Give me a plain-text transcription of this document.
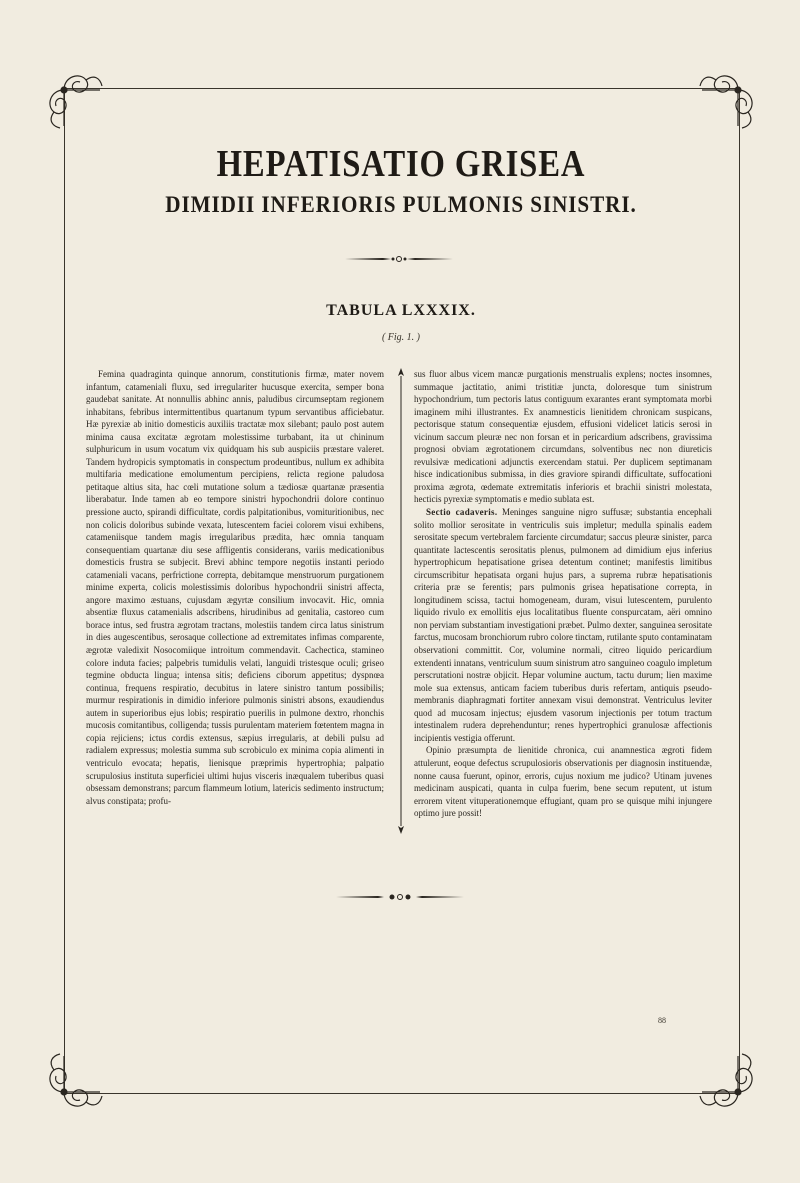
HEPATISATIO GRISEA
DIMIDII INFERIORIS PULMONIS SINISTRI.
TABULA LXXXIX.
( Fig. 1. )

Femina quadraginta quinque annorum, constitutionis firmæ, mater novem infantum, catameniali fluxu, sed irregulariter hucusque exercita, semper bona gaudebat sanitate. At nonnullis abhinc annis, paludibus circumseptam regionem inhabitans, febribus intermittentibus quartanum typum servantibus afficiebatur. Hæ pyrexiæ ab initio domesticis auxiliis tractatæ mox silebant; paulo post autem minima causa excitatæ ægrotam molestissime turbabant, ita ut chininum sulphuricum in usum vocatum vix quidquam his sub auspiciis præstare valeret. Tandem hydropicis symptomatis in conspectum prodeuntibus, nullum ex adhibita multifaria medicatione emolumentum percipiens, relicta regione paludosa petitaque altius sita, hac cœli mutatione solum a tædiosæ quartanæ præsentia liberabatur. Inde tamen ab eo tempore sinistri hypochondrii dolore continuo pressione aucto, spirandi difficultate, cordis palpitationibus, vomituritionibus, nec non colicis doloribus subinde vexata, lutescentem faciei colorem visui exhibens, catameniisque tandem magis irregularibus prædita, hæc omnia tanquam consequentiam quartanæ diu sese affligentis considerans, variis medicationibus domesticis frustra se subjecit. Brevi abhinc tempore negotiis instanti periodo catameniali vacans, perfrictione correpta, debitamque menstruorum purgationem minime experta, colicis molestissimis doloribus hypochondrii sinistri affecta, angore maximo æstuans, cujusdam ægyrtæ consilium invocavit. Hic, omnia absentiæ fluxus catamenialis adscribens, hirudinibus ad genitalia, castoreo cum borace intus, sed frustra ægrotam tractans, molestiis tandem circa latus sinistrum in dies augescentibus, serosaque collectione ad extremitates infimas comparente, ægrotæ valedixit Nosocomiique introitum commendavit. Cachectica, stamineo colore induta facies; palpebris tumidulis velati, languidi tristesque oculi; griseo tegmine obducta lingua; intensa sitis; deficiens ciborum appetitus; dyspnœa continua, frequens respiratio, decubitus in latere sinistro tantum possibilis; murmur respirationis in dimidio inferiore pulmonis sinistri absons, exaudiendus autem in superioribus ejus lobis; respiratio puerilis in pulmone dextro, rhonchis mucosis comitantibus, colligenda; tussis purulentam materiem fœtentem magna in copia rejiciens; ictus cordis extensus, sæpius irregularis, at debili pulsu ad radialem expressus; molestia summa sub scrobiculo ex minima copia alimenti in ventriculo evocata; hepatis, lienisque præprimis hypertrophia; palpatio scrupulosius instituta superficiei ultimi hujus visceris inæqualem tuberibus quasi obsessam demonstrans; parcum flammeum lotium, latericis sedimento instructum; alvus constipata; profu-

sus fluor albus vicem mancæ purgationis menstrualis explens; noctes insomnes, summaque jactitatio, animi tristitiæ juncta, doloresque tum sinistrum hypochondrium, tum pectoris latus contiguum exarantes erant symptomata morbi imaginem mihi illustrantes. Ex anamnesticis lienitidem chronicam suspicans, pectorisque statum consequentiæ ejusdem, effusioni videlicet laticis serosi in vicinum saccum pleuræ nec non forsan et in pericardium adscribens, gravissima prognosi obviam ægrotationem circumdans, solventibus nec non diureticis revulsivæ medicationi adjunctis exercendam statui. Per duplicem septimanam hisce indicationibus submissa, in dies graviore spirandi difficultate, suffocationi proxima ægrota, œdemate extremitatis inferioris et brachii sinistri molestata, hecticis pyrexiæ symptomatis e medio sublata est.

Sectio cadaveris. Meninges sanguine nigro suffusæ; substantia encephali solito mollior serositate in ventriculis suis impletur; medulla spinalis eadem serositate specum vertebralem farciente circumdatur; saccus pleuræ sinister, parca quantitate lactescentis serositatis plenus, pulmonem ad dimidium ejus inferius hypertrophicum hepatisatione grisea detentum continet; manifestis limitibus circumscribitur hepatisata organi hujus pars, a suprema rubræ hepatisationis criteria præ se ferentis; pars pulmonis grisea hepatisatione correpta, in longitudinem scissa, tactui homogeneam, duram, visui lutescentem, purulento liquido rivulo ex emollitis ejus localitatibus fluente conspurcatam, aëri omnino non perviam substantiam investigationi præbet. Pulmo dexter, sanguinea serositate farctus, mucosam bronchiorum rubro colore tinctam, rutilante sputo contaminatam observationi committit. Cor, volumine normali, citreo liquido pericardium extendenti innatans, ventriculum suum sinistrum atro sanguineo coagulo impletum perscrutationi nostræ objicit. Hepar volumine auctum, tactu durum; lien maxime mole sua extensus, anticam faciem tuberibus duris refertam, antiquis pseudo-membranis diaphragmati fortiter annexam visui demonstrat. Ventriculus leviter quod ad mucosam injectus; ejusdem vasorum injectionis per totum tractum intestinalem rudera deprehenduntur; renes hypertrophici granulosæ affectionis incipientis vestigia offerunt.

Opinio præsumpta de lienitide chronica, cui anamnestica ægroti fidem attulerunt, eoque defectus scrupulosioris observationis per diagnosin instituendæ, nonne causa fuerunt, opinor, erroris, cujus noxium me judico? Utinam juvenes medicinam auspicati, quanta in culpa fuerim, bene secum reputent, ut istum errorem vitent vituperationemque effugiant, quam pro se quisque mihi injungere optimo jure possit!

88
